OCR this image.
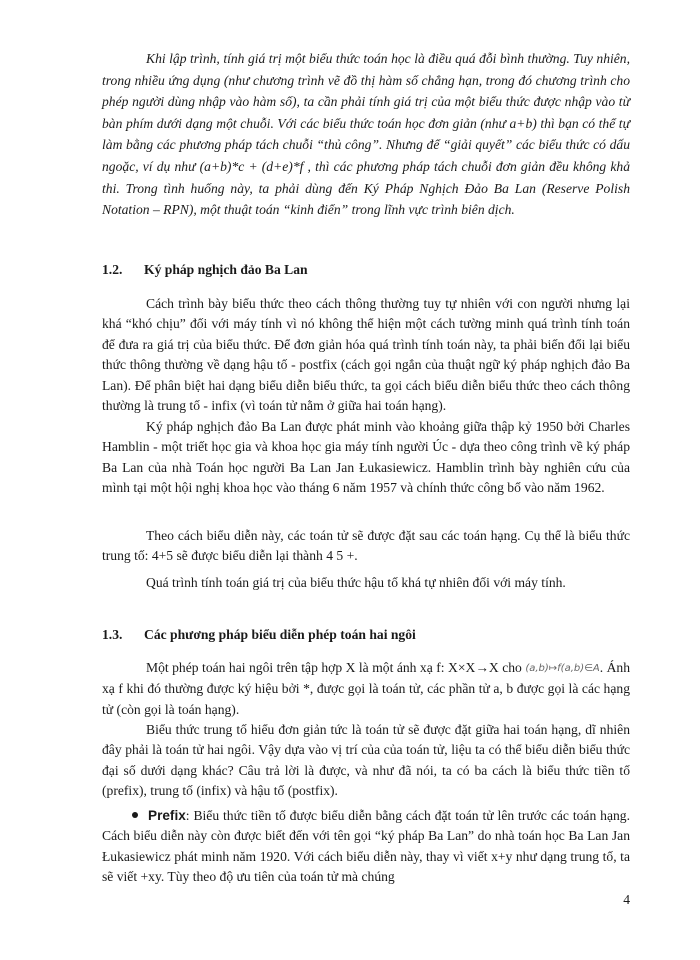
Khi lập trình, tính giá trị một biểu thức toán học là điều quá đỗi bình thường. Tuy nhiên, trong nhiều ứng dụng (như chương trình vẽ đồ thị hàm số chẳng hạn, trong đó chương trình cho phép người dùng nhập vào hàm số), ta cần phải tính giá trị của một biểu thức được nhập vào từ bàn phím dưới dạng một chuỗi. Với các biểu thức toán học đơn giản (như a+b) thì bạn có thể tự làm bằng các phương pháp tách chuỗi “thủ công”. Nhưng để “giải quyết” các biểu thức có dấu ngoặc, ví dụ như (a+b)*c + (d+e)*f , thì các phương pháp tách chuỗi đơn giản đều không khả thi. Trong tình huống này, ta phải dùng đến Ký Pháp Nghịch Đảo Ba Lan (Reserve Polish Notation – RPN), một thuật toán “kinh điển” trong lĩnh vực trình biên dịch.

1.2. Ký pháp nghịch đảo Ba Lan

Cách trình bày biểu thức theo cách thông thường tuy tự nhiên với con người nhưng lại khá “khó chịu” đối với máy tính vì nó không thể hiện một cách tường minh quá trình tính toán để đưa ra giá trị của biểu thức. Để đơn giản hóa quá trình tính toán này, ta phải biến đổi lại biểu thức thông thường về dạng hậu tố - postfix (cách gọi ngắn của thuật ngữ ký pháp nghịch đảo Ba Lan). Để phân biệt hai dạng biểu diễn biểu thức, ta gọi cách biểu diễn biểu thức theo cách thông thường là trung tố - infix (vì toán tử nằm ở giữa hai toán hạng).

Ký pháp nghịch đảo Ba Lan được phát minh vào khoảng giữa thập kỷ 1950 bởi Charles Hamblin - một triết học gia và khoa học gia máy tính người Úc - dựa theo công trình về ký pháp Ba Lan của nhà Toán học người Ba Lan Jan Łukasiewicz. Hamblin trình bày nghiên cứu của mình tại một hội nghị khoa học vào tháng 6 năm 1957 và chính thức công bố vào năm 1962.

Theo cách biểu diễn này, các toán tử sẽ được đặt sau các toán hạng. Cụ thể là biểu thức trung tố: 4+5 sẽ được biểu diễn lại thành 4 5 +.

Quá trình tính toán giá trị của biểu thức hậu tố khá tự nhiên đối với máy tính.

1.3. Các phương pháp biểu diễn phép toán hai ngôi

Một phép toán hai ngôi trên tập hợp X là một ánh xạ f: X×X→X cho (a,b)↦f(a,b)∈A. Ánh xạ f khi đó thường được ký hiệu bởi *, được gọi là toán tử, các phần tử a, b được gọi là các hạng tử (còn gọi là toán hạng).

Biểu thức trung tố hiểu đơn giản tức là toán tử sẽ được đặt giữa hai toán hạng, dĩ nhiên đây phải là toán tử hai ngôi. Vậy dựa vào vị trí của của toán tử, liệu ta có thể biểu diễn biểu thức đại số dưới dạng khác? Câu trả lời là được, và như đã nói, ta có ba cách là biểu thức tiền tố (prefix), trung tố (infix) và hậu tố (postfix).

Prefix: Biểu thức tiền tố được biểu diễn bằng cách đặt toán tử lên trước các toán hạng. Cách biểu diễn này còn được biết đến với tên gọi “ký pháp Ba Lan” do nhà toán học Ba Lan Jan Łukasiewicz phát minh năm 1920. Với cách biểu diễn này, thay vì viết x+y như dạng trung tố, ta sẽ viết +xy. Tùy theo độ ưu tiên của toán tử mà chúng

4
